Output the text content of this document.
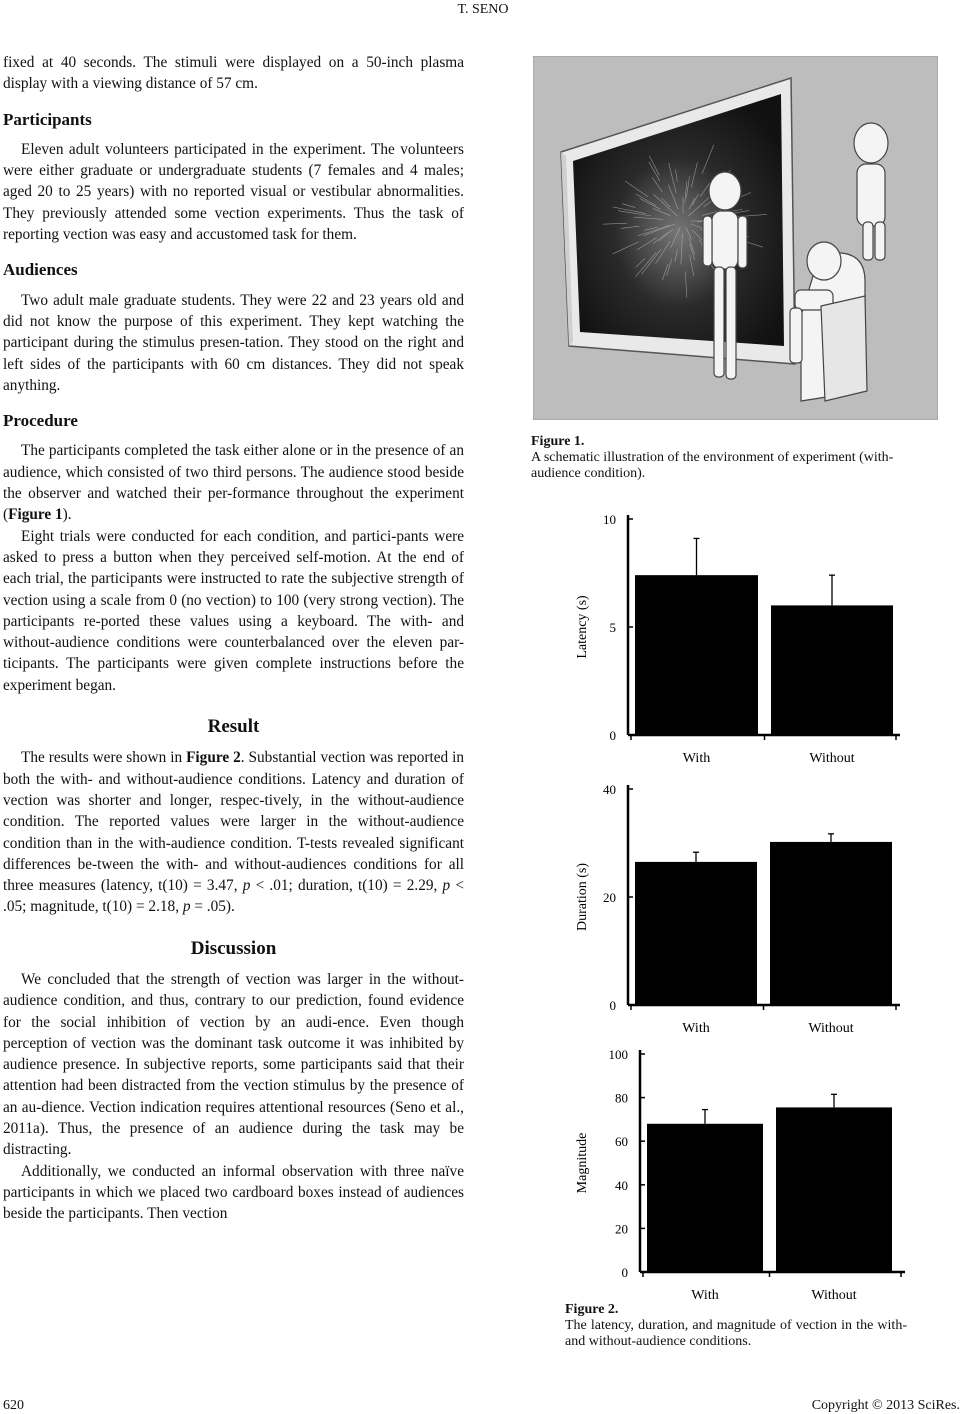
T. SENO

fixed at 40 seconds. The stimuli were displayed on a 50-inch plasma display with a viewing distance of 57 cm.

Participants

Eleven adult volunteers participated in the experiment. The volunteers were either graduate or undergraduate students (7 females and 4 males; aged 20 to 25 years) with no reported visual or vestibular abnormalities. They previously attended some vection experiments. Thus the task of reporting vection was easy and accustomed task for them.

Audiences

Two adult male graduate students. They were 22 and 23 years old and did not know the purpose of this experiment. They kept watching the participant during the stimulus presen-tation. They stood on the right and left sides of the participants with 60 cm distances. They did not speak anything.

Procedure

The participants completed the task either alone or in the presence of an audience, which consisted of two third persons. The audience stood beside the observer and watched their per-formance throughout the experiment (Figure 1).

Eight trials were conducted for each condition, and partici-pants were asked to press a button when they perceived self-motion. At the end of each trial, the participants were instructed to rate the subjective strength of vection using a scale from 0 (no vection) to 100 (very strong vection). The participants re-ported these values using a keyboard. The with- and without-audience conditions were counterbalanced over the eleven par-ticipants. The participants were given complete instructions before the experiment began.

Result

The results were shown in Figure 2. Substantial vection was reported in both the with- and without-audience conditions. Latency and duration of vection was shorter and longer, respec-tively, in the without-audience condition. The reported values were larger in the without-audience condition than in the with-audience condition. T-tests revealed significant differences be-tween the with- and without-audiences conditions for all three measures (latency, t(10) = 3.47, p < .01; duration, t(10) = 2.29, p < .05; magnitude, t(10) = 2.18, p = .05).

Discussion

We concluded that the strength of vection was larger in the without-audience condition, and thus, contrary to our prediction, found evidence for the social inhibition of vection by an audi-ence. Even though perception of vection was the dominant task outcome it was inhibited by audience presence. In subjective reports, some participants said that their attention had been distracted from the vection stimulus by the presence of an au-dience. Vection indication requires attentional resources (Seno et al., 2011a). Thus, the presence of an audience during the task may be distracting.

Additionally, we conducted an informal observation with three naïve participants in which we placed two cardboard boxes instead of audiences beside the participants. Then vection

Figure 1.
A schematic illustration of the environment of experiment (with-audience condition).
0
5
10
With	Without
Latency (s)
0
20
40
With	Without
Duration (s)
0
20
40
60
80
100
With	Without
Magnitude
Figure 2.
The latency, duration, and magnitude of vection in the with- and without-audience conditions.
620	Copyright © 2013 SciRes.
